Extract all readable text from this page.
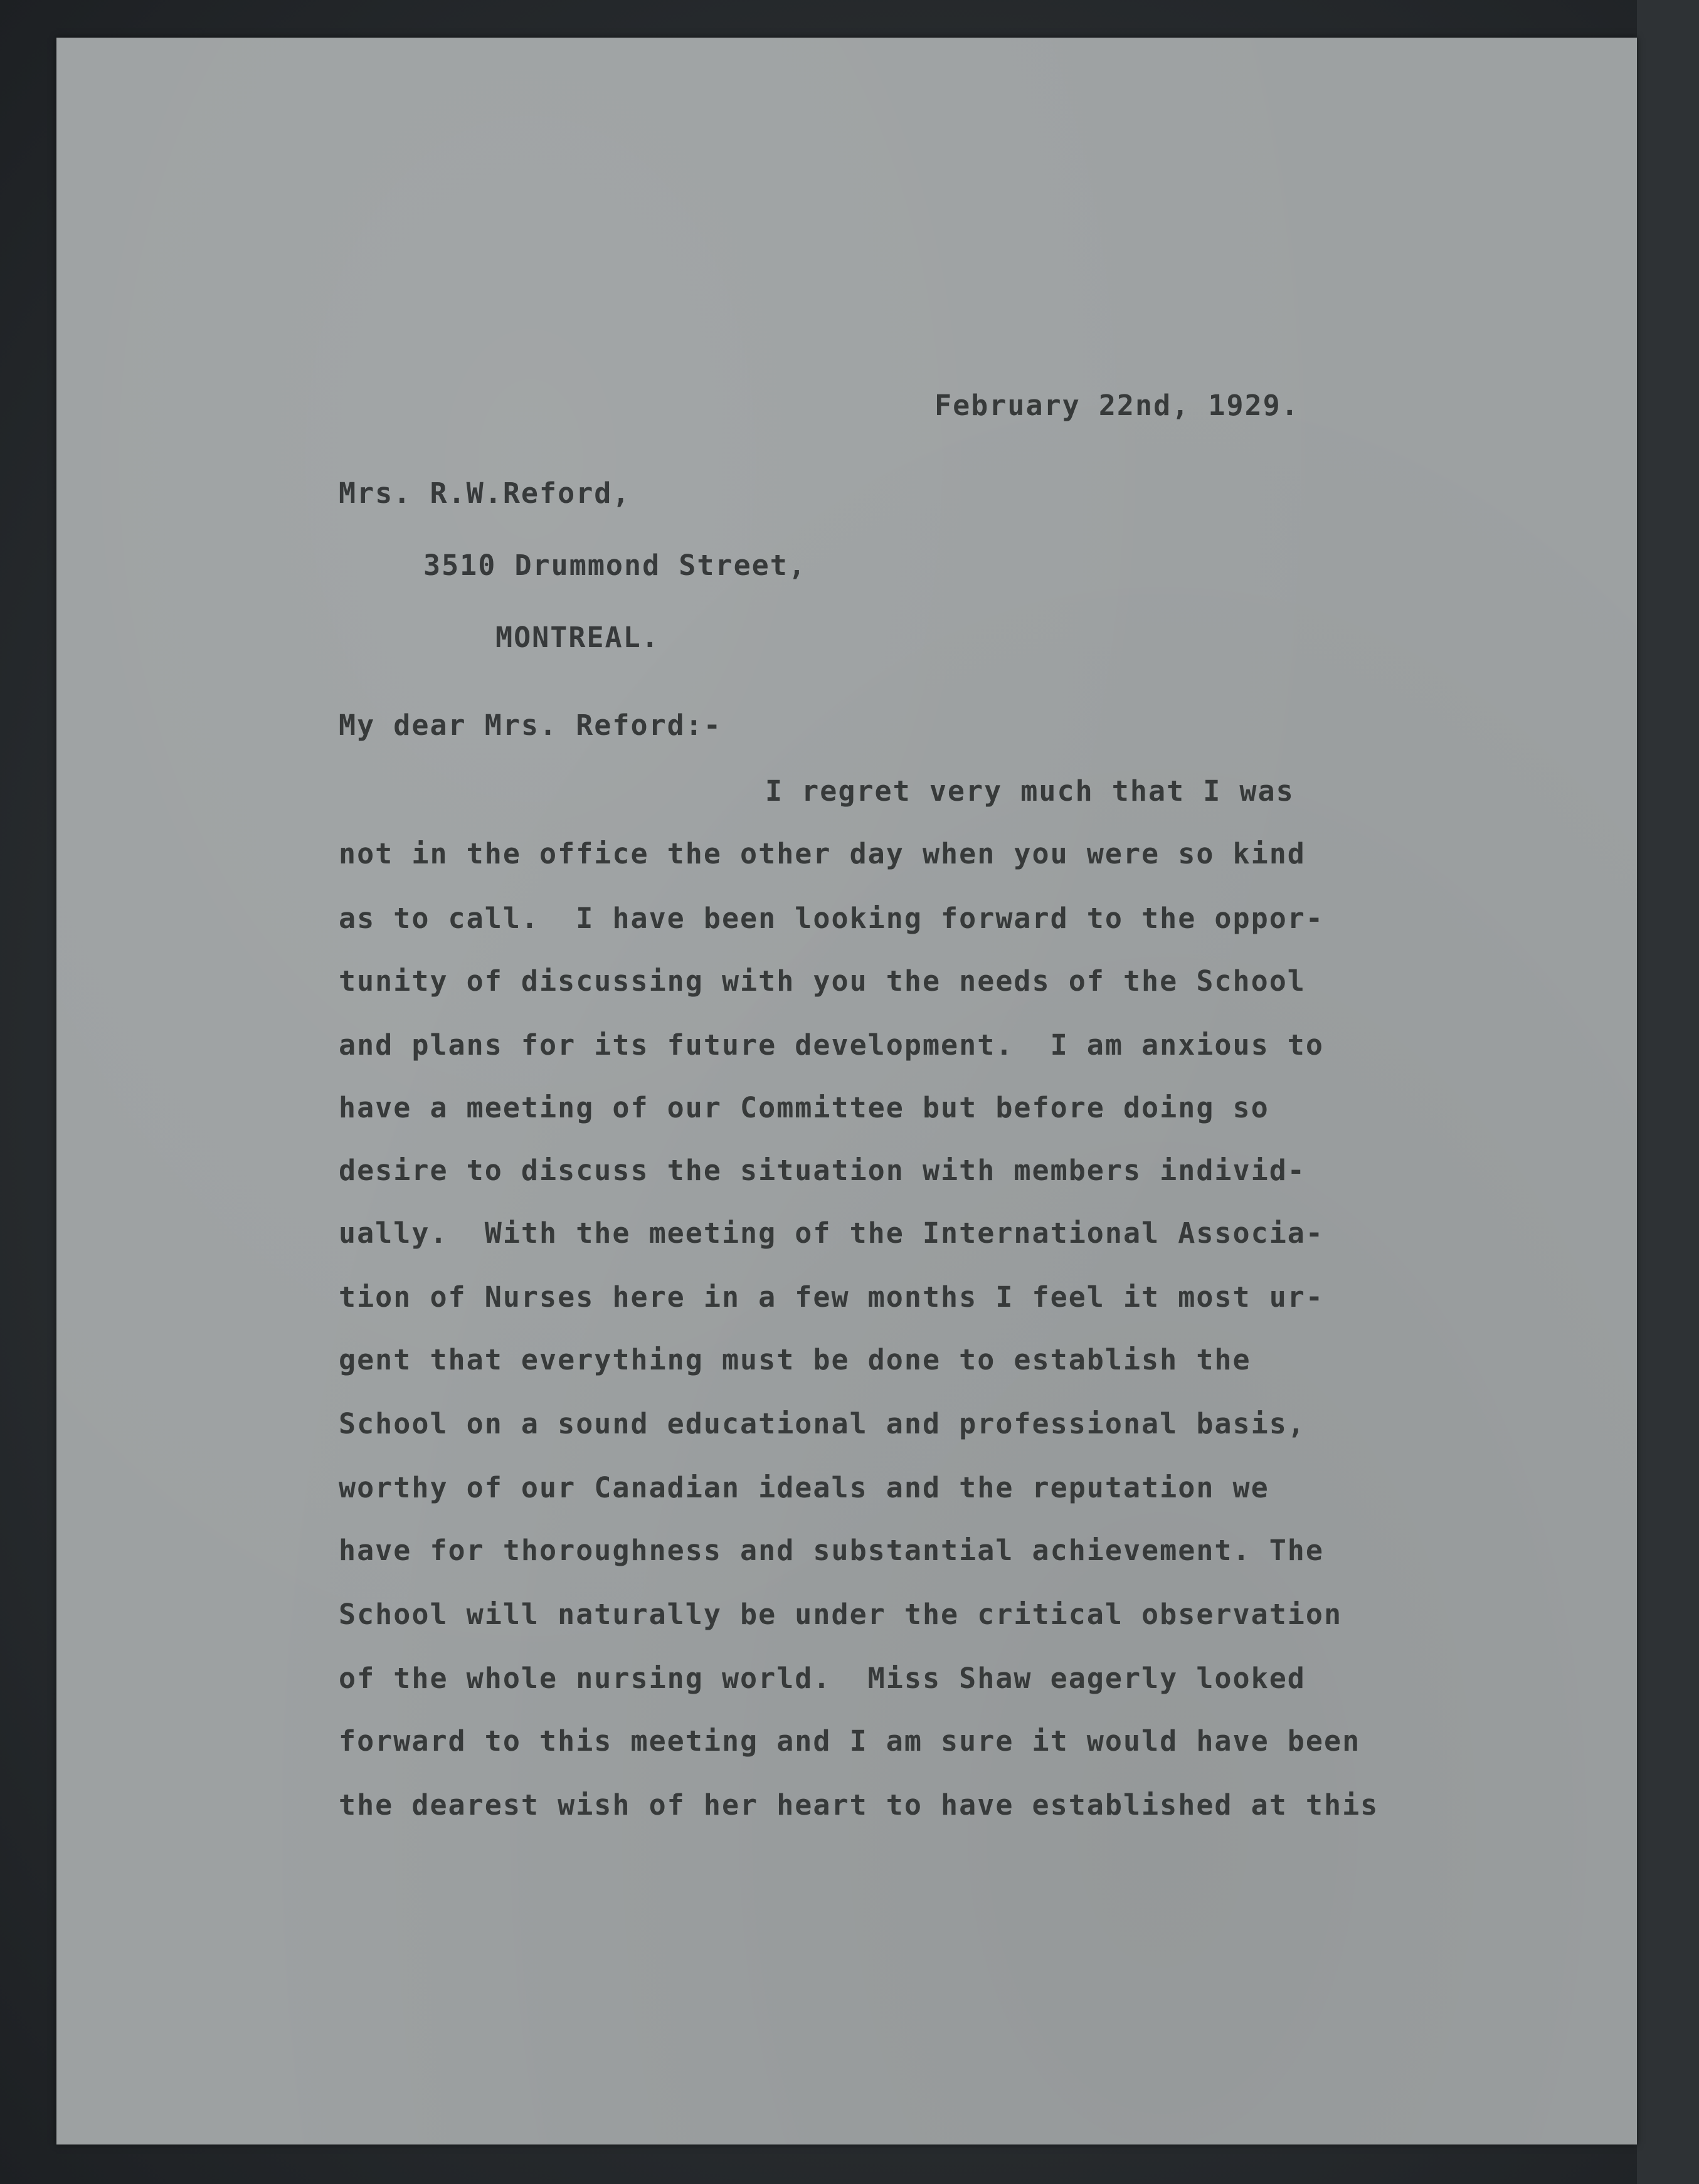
February 22nd, 1929.

Mrs. R.W.Reford,

3510 Drummond Street,

MONTREAL.

My dear Mrs. Reford:-

I regret very much that I was

not in the office the other day when you were so kind

as to call.  I have been looking forward to the oppor-

tunity of discussing with you the needs of the School

and plans for its future development.  I am anxious to

have a meeting of our Committee but before doing so

desire to discuss the situation with members individ-

ually.  With the meeting of the International Associa-

tion of Nurses here in a few months I feel it most ur-

gent that everything must be done to establish the

School on a sound educational and professional basis,

worthy of our Canadian ideals and the reputation we

have for thoroughness and substantial achievement. The

School will naturally be under the critical observation

of the whole nursing world.  Miss Shaw eagerly looked

forward to this meeting and I am sure it would have been

the dearest wish of her heart to have established at this
